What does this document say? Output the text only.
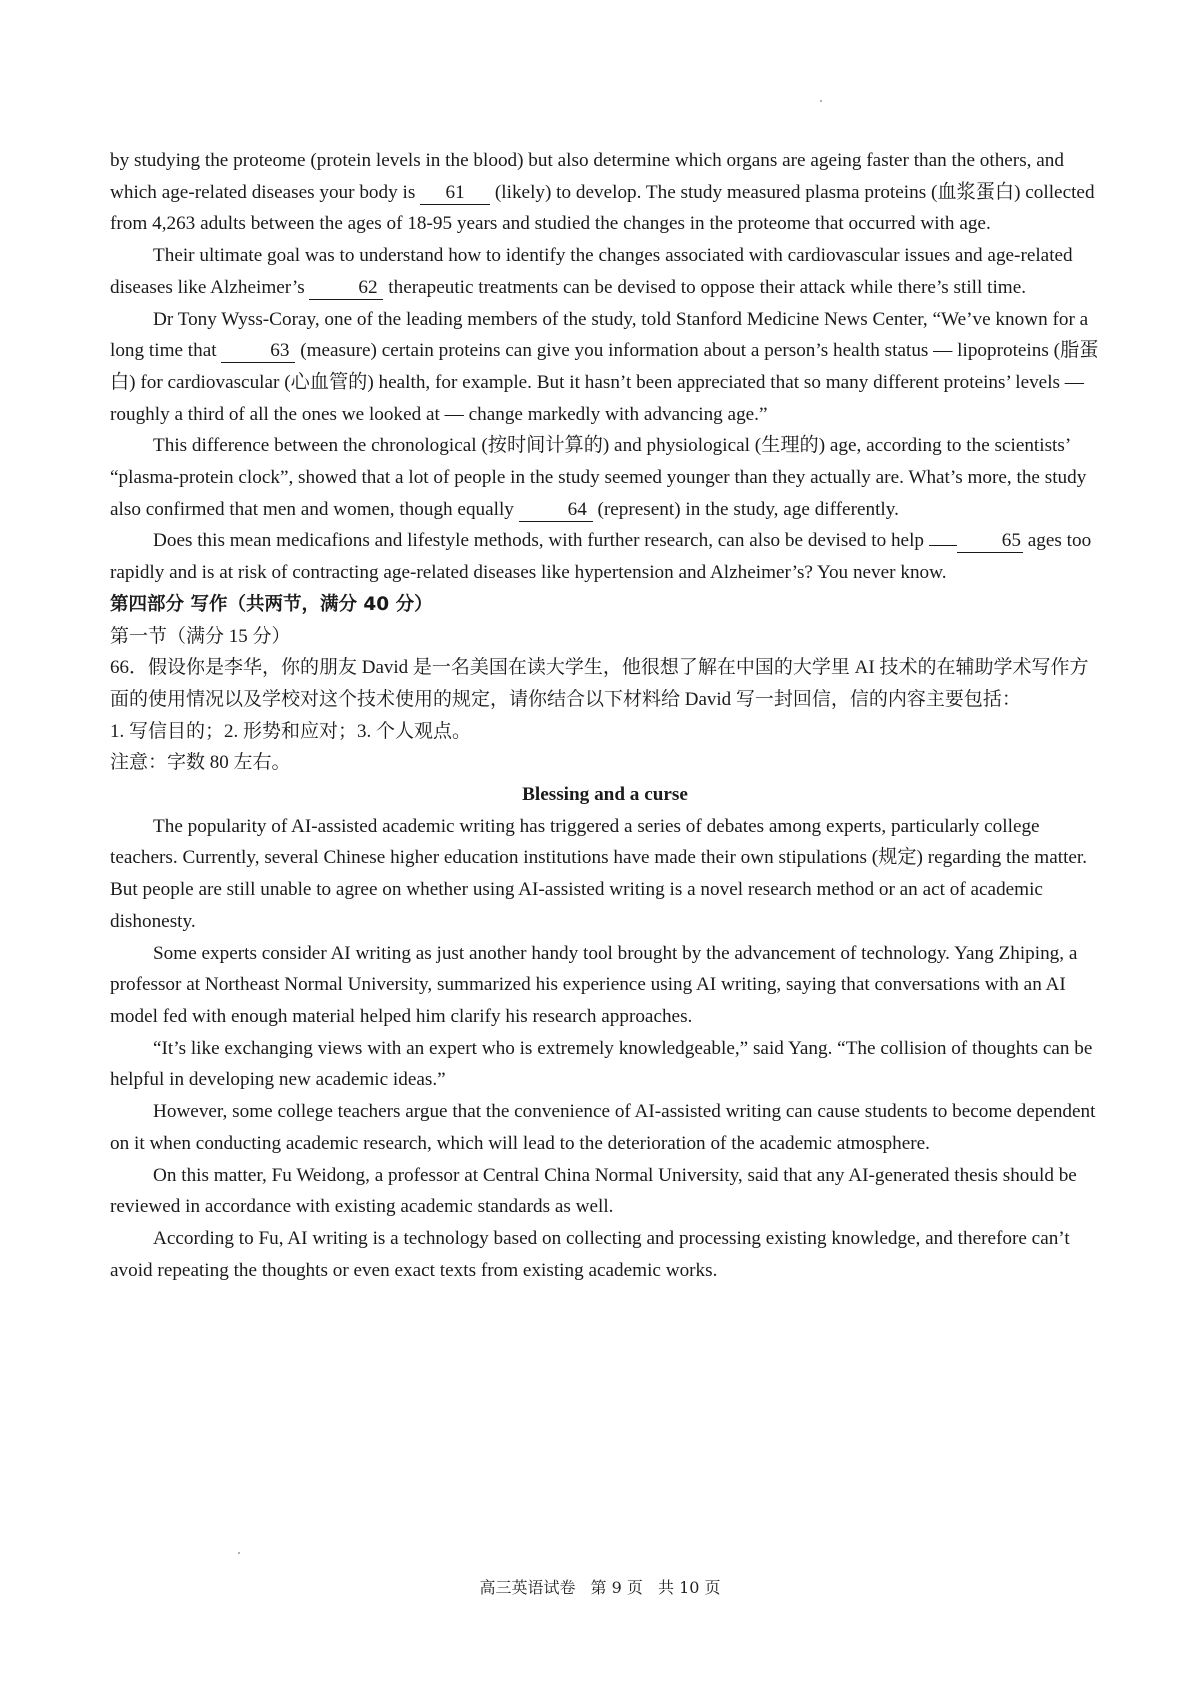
by studying the proteome (protein levels in the blood) but also determine which organs are ageing faster than the others, and which age-related diseases your body is 61 (likely) to develop. The study measured plasma proteins (血浆蛋白) collected from 4,263 adults between the ages of 18-95 years and studied the changes in the proteome that occurred with age.

Their ultimate goal was to understand how to identify the changes associated with cardiovascular issues and age-related diseases like Alzheimer’s	62 therapeutic treatments can be devised to oppose their attack while there’s still time.

Dr Tony Wyss-Coray, one of the leading members of the study, told Stanford Medicine News Center, “We’ve known for a long time that	63 (measure) certain proteins can give you information about a person’s health status — lipoproteins (脂蛋白) for cardiovascular (心血管的) health, for example. But it hasn’t been appreciated that so many different proteins’ levels — roughly a third of all the ones we looked at — change markedly with advancing age.”

This difference between the chronological (按时间计算的) and physiological (生理的) age, according to the scientists’ “plasma-protein clock”, showed that a lot of people in the study seemed younger than they actually are. What’s more, the study also confirmed that men and women, though equally	64 (represent) in the study, age differently.

Does this mean medicafions and lifestyle methods, with further research, can also be devised to help	65 ages too rapidly and is at risk of contracting age-related diseases like hypertension and Alzheimer’s? You never know.

第四部分 写作（共两节，满分 40 分）

第一节（满分 15 分）

66．假设你是李华，你的朋友 David 是一名美国在读大学生，他很想了解在中国的大学里 AI 技术的在辅助学术写作方面的使用情况以及学校对这个技术使用的规定，请你结合以下材料给 David 写一封回信，信的内容主要包括：

1. 写信目的；2. 形势和应对；3. 个人观点。

注意：字数 80 左右。

Blessing and a curse

The popularity of AI-assisted academic writing has triggered a series of debates among experts, particularly college teachers. Currently, several Chinese higher education institutions have made their own stipulations (规定) regarding the matter. But people are still unable to agree on whether using AI-assisted writing is a novel research method or an act of academic dishonesty.

Some experts consider AI writing as just another handy tool brought by the advancement of technology. Yang Zhiping, a professor at Northeast Normal University, summarized his experience using AI writing, saying that conversations with an AI model fed with enough material helped him clarify his research approaches.

“It’s like exchanging views with an expert who is extremely knowledgeable,” said Yang. “The collision of thoughts can be helpful in developing new academic ideas.”

However, some college teachers argue that the convenience of AI-assisted writing can cause students to become dependent on it when conducting academic research, which will lead to the deterioration of the academic atmosphere.

On this matter, Fu Weidong, a professor at Central China Normal University, said that any AI-generated thesis should be reviewed in accordance with existing academic standards as well.

According to Fu, AI writing is a technology based on collecting and processing existing knowledge, and therefore can’t avoid repeating the thoughts or even exact texts from existing academic works.

高三英语试卷 第 9 页 共 10 页
